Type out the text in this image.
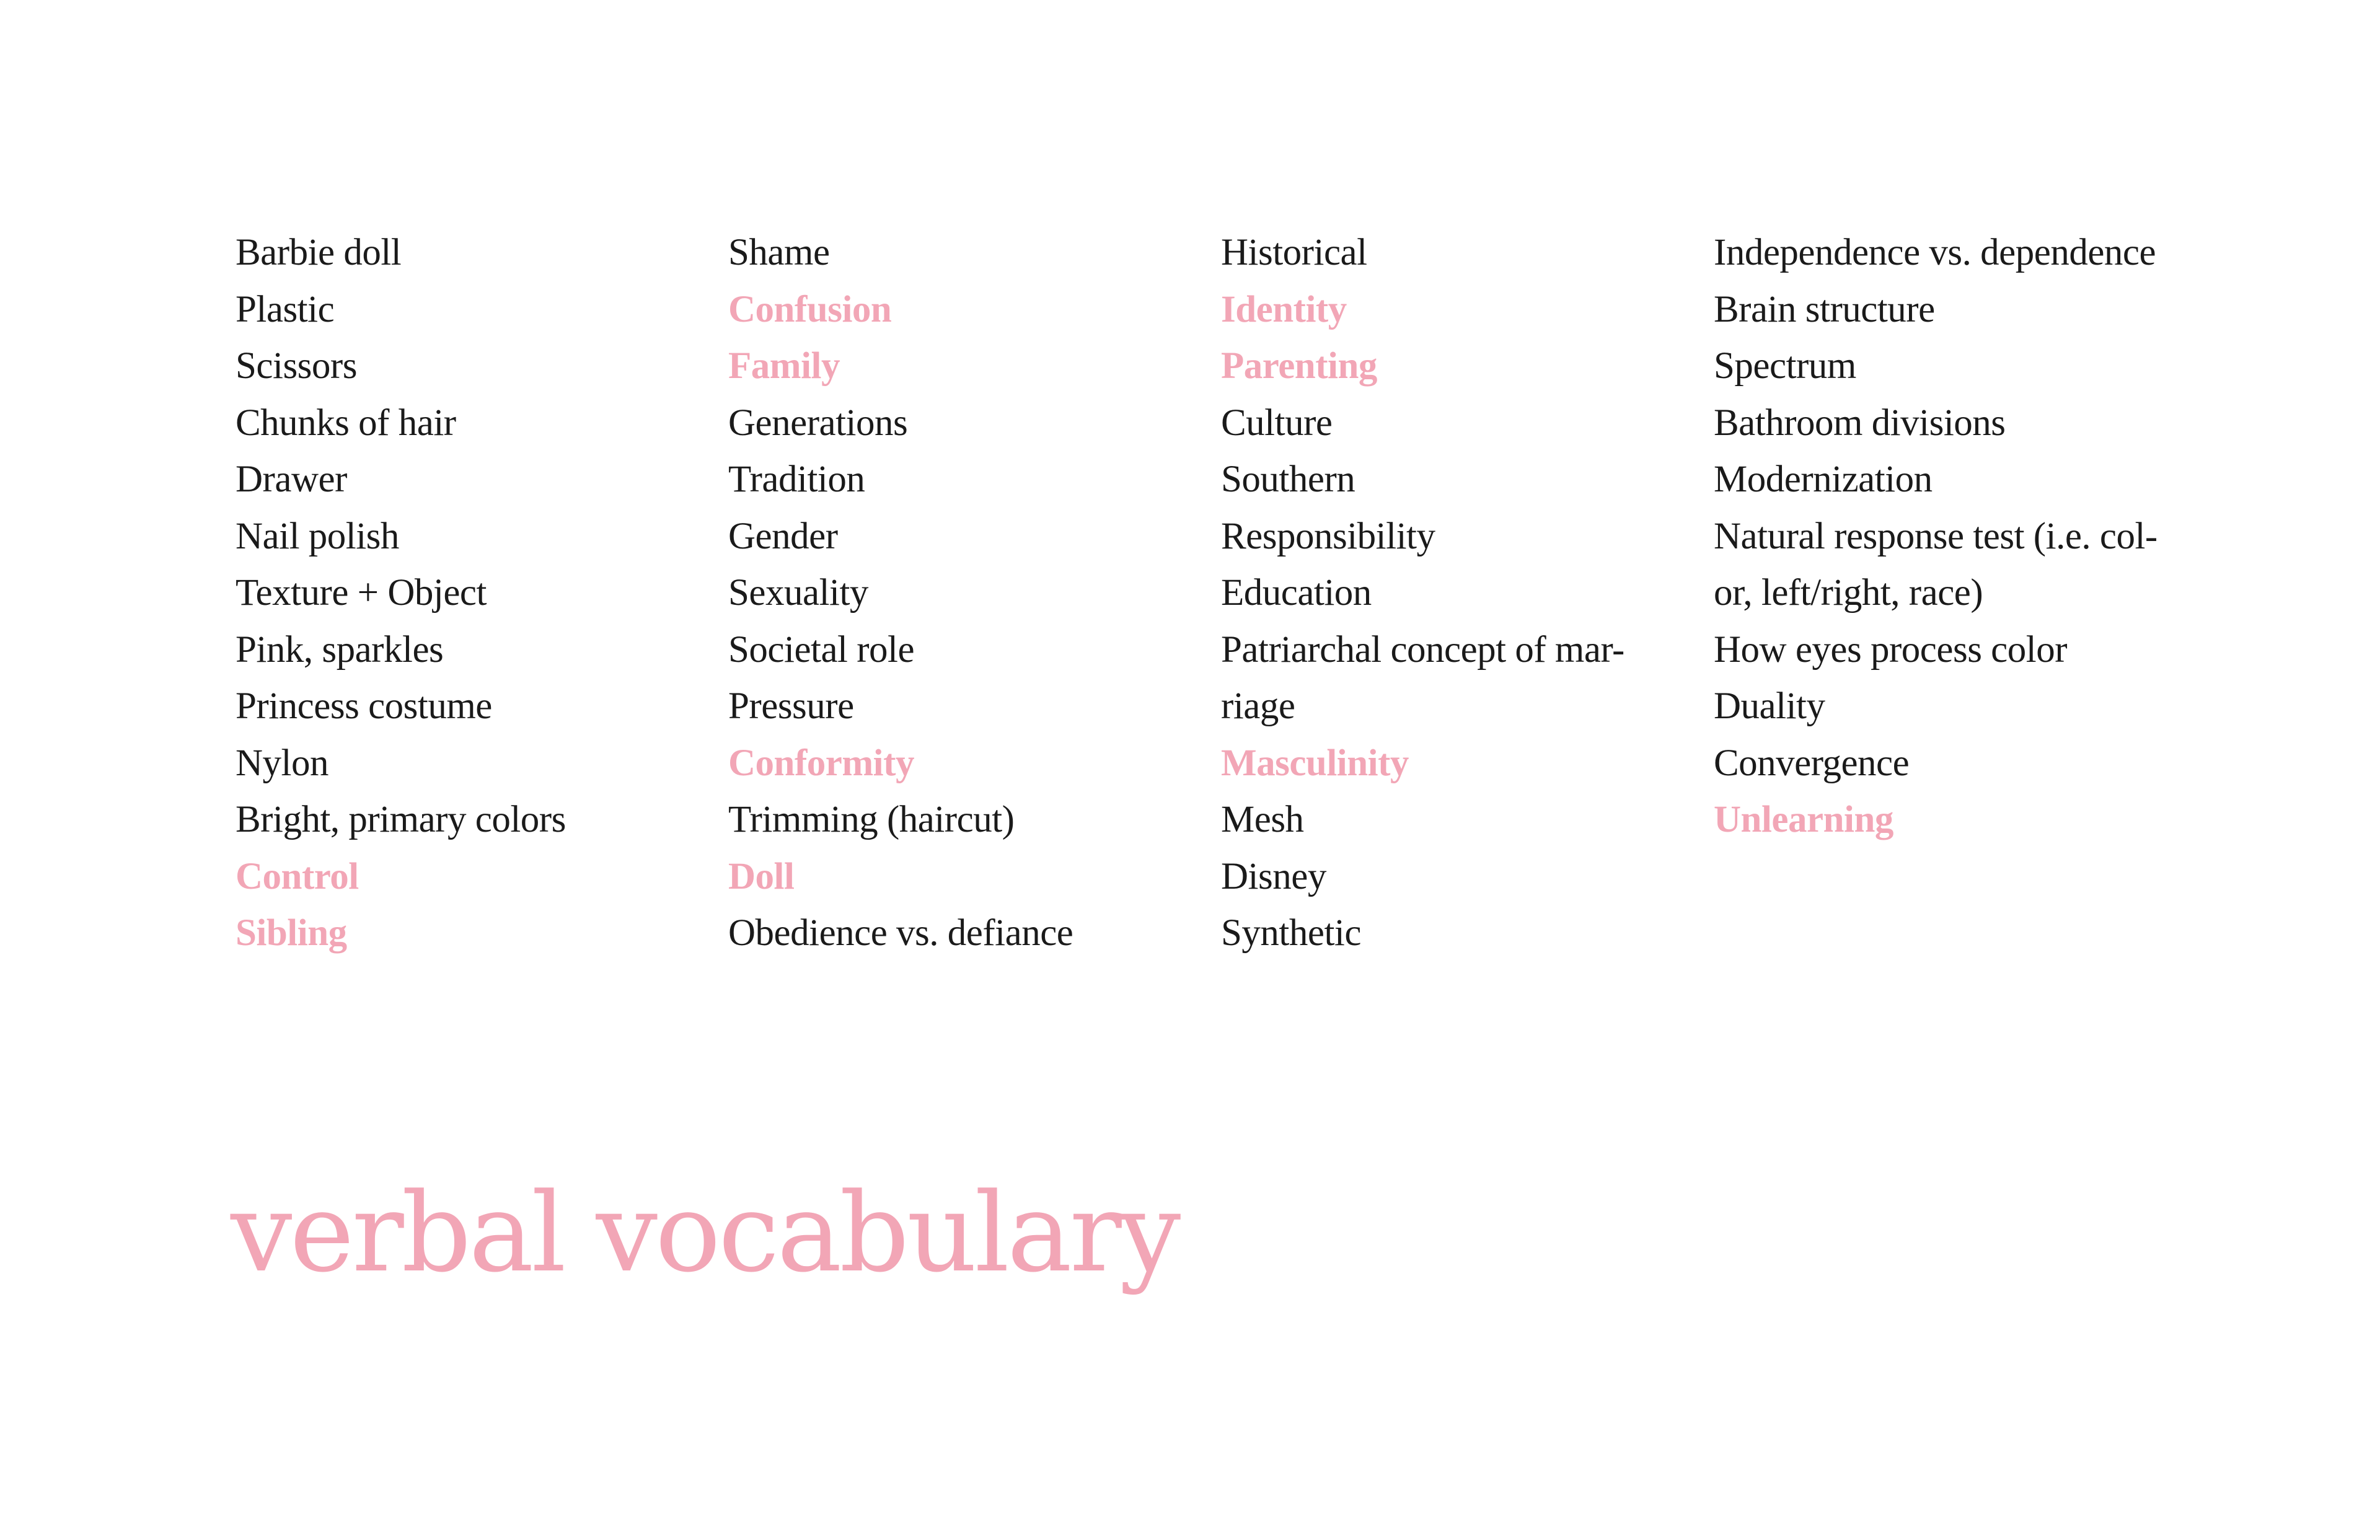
Barbie doll
Plastic
Scissors
Chunks of hair
Drawer
Nail polish
Texture + Object
Pink, sparkles
Princess costume
Nylon
Bright, primary colors
Control
Sibling
Shame
Confusion
Family
Generations
Tradition
Gender
Sexuality
Societal role
Pressure
Conformity
Trimming (haircut)
Doll
Obedience vs. defiance
Historical
Identity
Parenting
Culture
Southern
Responsibility
Education
Patriarchal concept of mar-
riage
Masculinity
Mesh
Disney
Synthetic
Independence vs. dependence
Brain structure
Spectrum
Bathroom divisions
Modernization
Natural response test (i.e. col-
or, left/right, race)
How eyes process color
Duality
Convergence
Unlearning
verbal vocabulary
